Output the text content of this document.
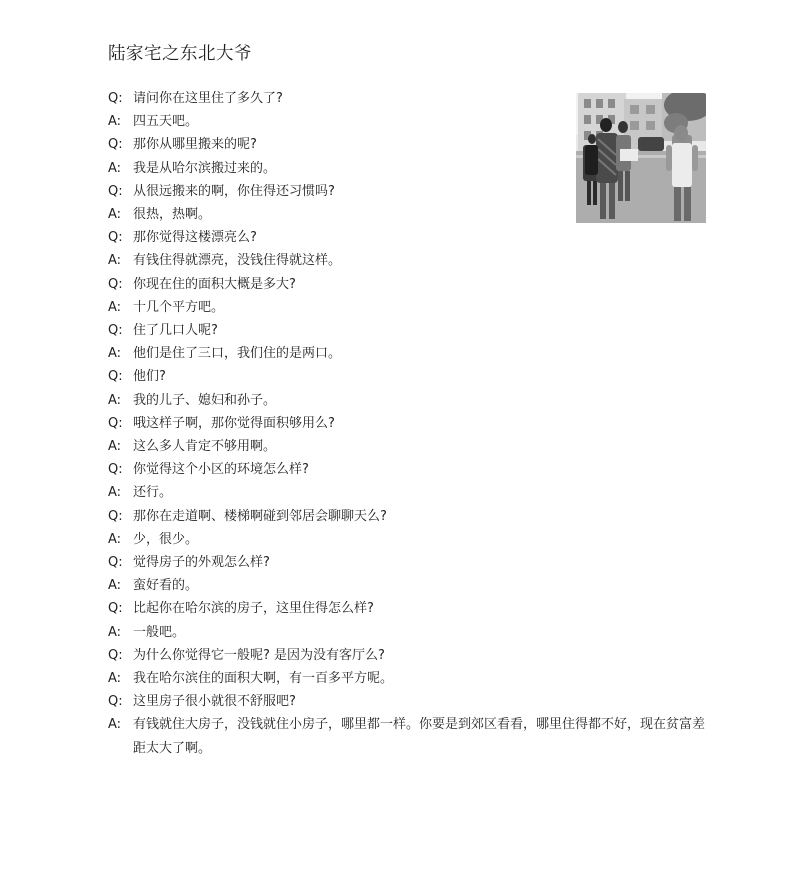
陆家宅之东北大爷
Q: 请问你在这里住了多久了?
A: 四五天吧。
Q: 那你从哪里搬来的呢?
A: 我是从哈尔滨搬过来的。
Q: 从很远搬来的啊，你住得还习惯吗?
A: 很热，热啊。
Q: 那你觉得这楼漂亮么?
A: 有钱住得就漂亮，没钱住得就这样。
Q: 你现在住的面积大概是多大?
A: 十几个平方吧。
Q: 住了几口人呢?
A: 他们是住了三口，我们住的是两口。
Q: 他们?
A: 我的儿子、媳妇和孙子。
Q: 哦这样子啊，那你觉得面积够用么?
A: 这么多人肯定不够用啊。
Q: 你觉得这个小区的环境怎么样?
A: 还行。
Q: 那你在走道啊、楼梯啊碰到邻居会聊聊天么?
A: 少，很少。
Q: 觉得房子的外观怎么样?
A: 蛮好看的。
Q: 比起你在哈尔滨的房子，这里住得怎么样?
A: 一般吧。
Q: 为什么你觉得它一般呢? 是因为没有客厅么?
A: 我在哈尔滨住的面积大啊，有一百多平方呢。
Q: 这里房子很小就很不舒服吧?
A: 有钱就住大房子，没钱就住小房子，哪里都一样。你要是到郊区看看，哪里住得都不好，现在贫富差距太大了啊。
